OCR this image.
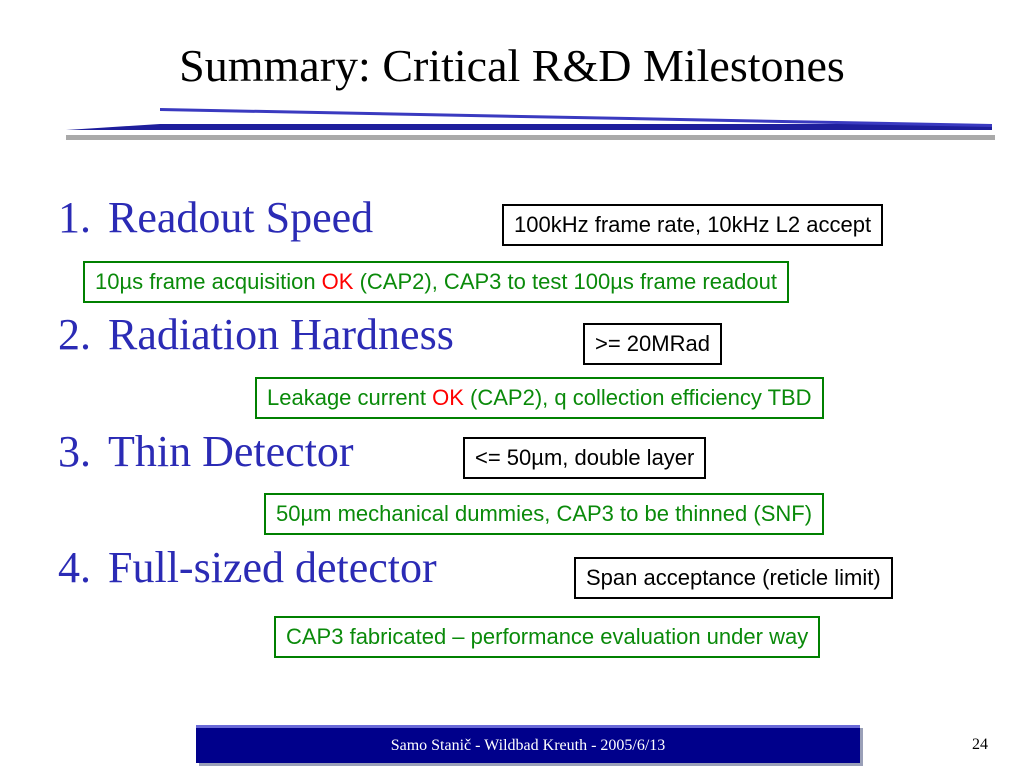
Summary: Critical R&D Milestones
1. Readout Speed	100kHz frame rate, 10kHz L2 accept
10µs frame acquisition OK (CAP2), CAP3 to test 100µs frame readout
2. Radiation Hardness	>= 20MRad
Leakage current OK (CAP2), q collection efficiency TBD
3. Thin Detector	<= 50µm, double layer
50µm mechanical dummies, CAP3 to be thinned (SNF)
4. Full-sized detector	Span acceptance (reticle limit)
CAP3 fabricated – performance evaluation under way
Samo Stanič - Wildbad Kreuth - 2005/6/13	24
